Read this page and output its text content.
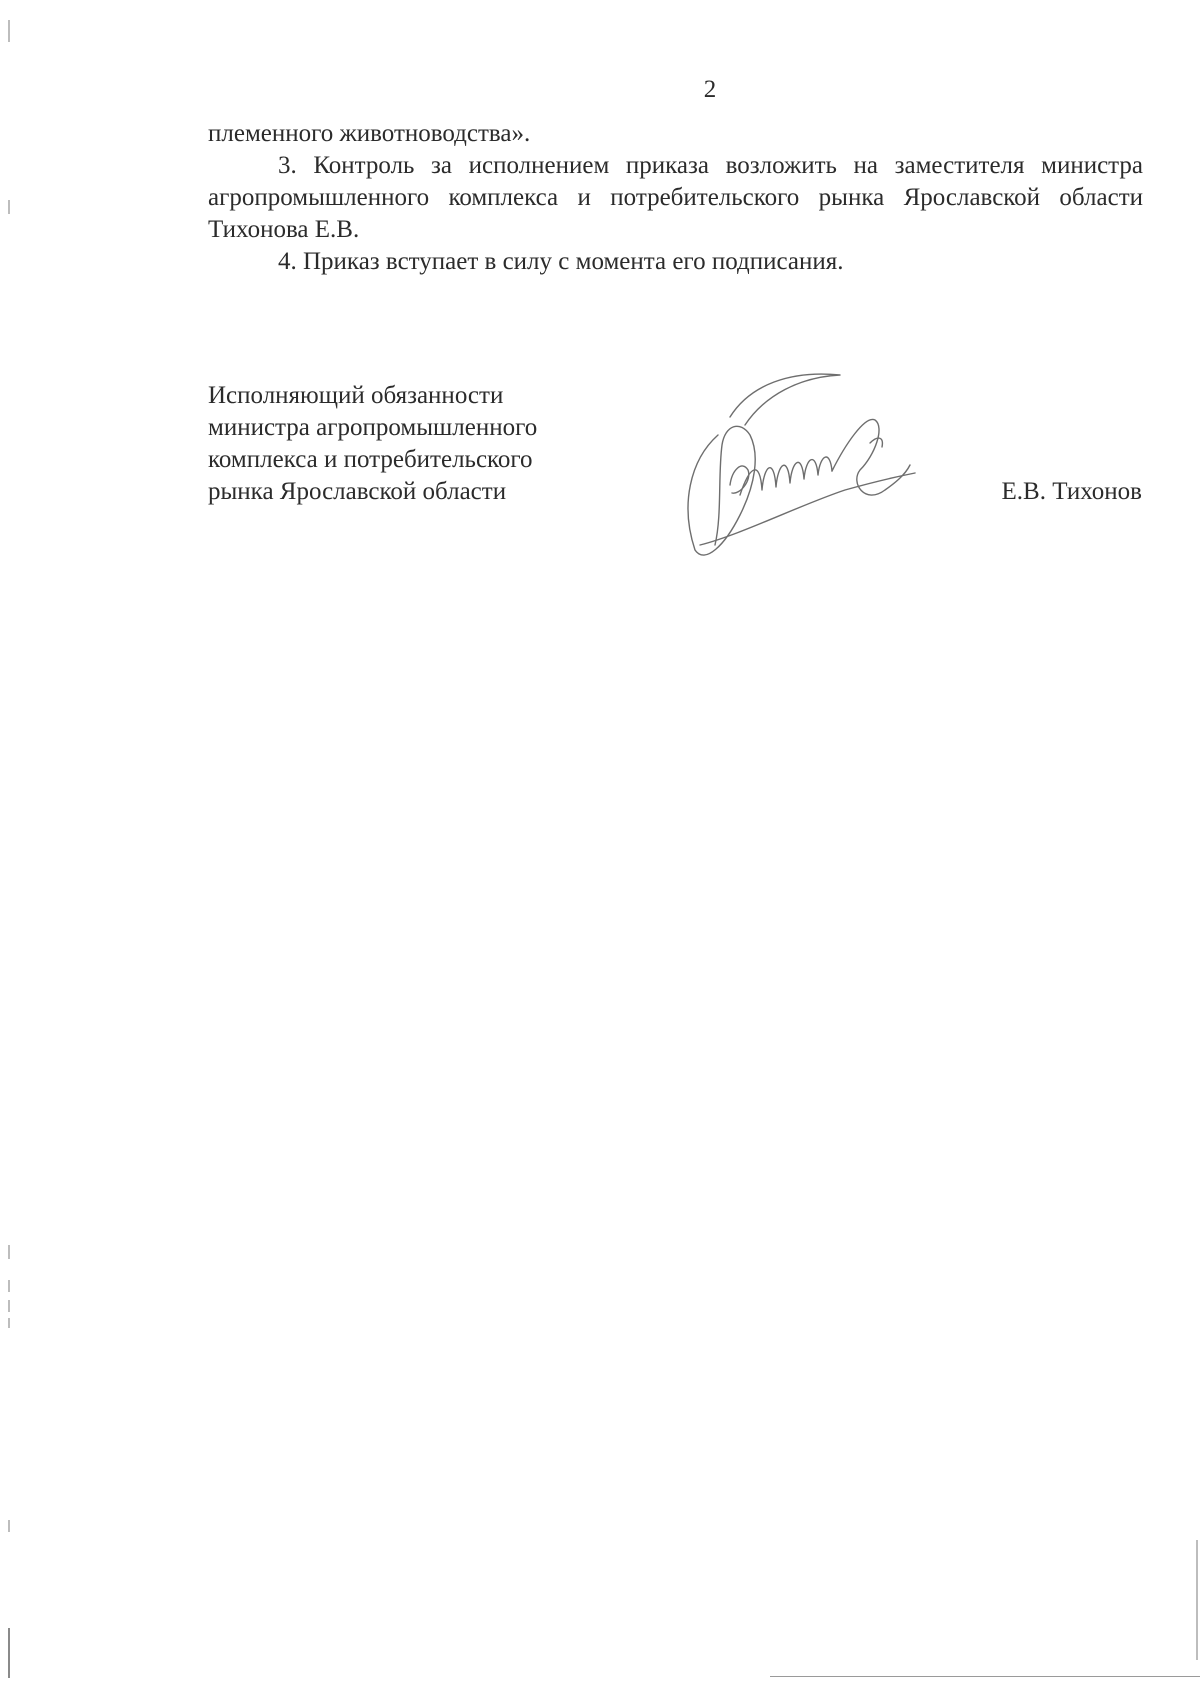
2

племенного животноводства».

3. Контроль за исполнением приказа возложить на заместителя министра агропромышленного комплекса и потребительского рынка Ярославской области Тихонова Е.В.

4. Приказ вступает в силу с момента его подписания.

Исполняющий обязанности
министра агропромышленного
комплекса и потребительского
рынка Ярославской области	Е.В. Тихонов
